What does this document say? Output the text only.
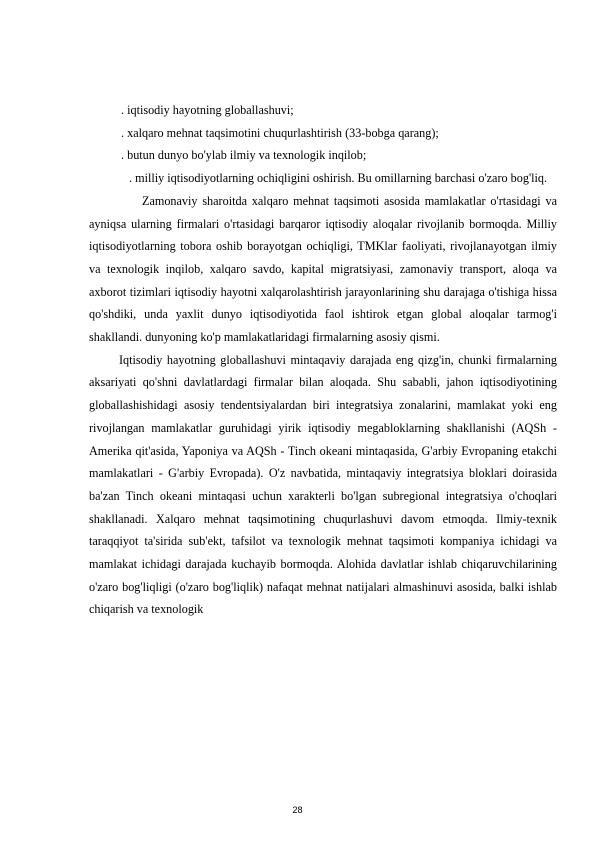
. iqtisodiy hayotning globallashuvi;

. xalqaro mehnat taqsimotini chuqurlashtirish (33-bobga qarang);

. butun dunyo bo'ylab ilmiy va texnologik inqilob;

. milliy iqtisodiyotlarning ochiqligini oshirish. Bu omillarning barchasi o'zaro bog'liq.

Zamonaviy sharoitda xalqaro mehnat taqsimoti asosida mamlakatlar o'rtasidagi va ayniqsa ularning firmalari o'rtasidagi barqaror iqtisodiy aloqalar rivojlanib bormoqda. Milliy iqtisodiyotlarning tobora oshib borayotgan ochiqligi, TMKlar faoliyati, rivojlanayotgan ilmiy va texnologik inqilob, xalqaro savdo, kapital migratsiyasi, zamonaviy transport, aloqa va axborot tizimlari iqtisodiy hayotni xalqarolashtirish jarayonlarining shu darajaga o'tishiga hissa qo'shdiki, unda yaxlit dunyo iqtisodiyotida faol ishtirok etgan global aloqalar tarmog'i shakllandi. dunyoning ko'p mamlakatlaridagi firmalarning asosiy qismi.

Iqtisodiy hayotning globallashuvi mintaqaviy darajada eng qizg'in, chunki firmalarning aksariyati qo'shni davlatlardagi firmalar bilan aloqada. Shu sababli, jahon iqtisodiyotining globallashishidagi asosiy tendentsiyalardan biri integratsiya zonalarini, mamlakat yoki eng rivojlangan mamlakatlar guruhidagi yirik iqtisodiy megabloklarning shakllanishi (AQSh - Amerika qit'asida, Yaponiya va AQSh - Tinch okeani mintaqasida, G'arbiy Evropaning etakchi mamlakatlari - G'arbiy Evropada). O'z navbatida, mintaqaviy integratsiya bloklari doirasida ba'zan Tinch okeani mintaqasi uchun xarakterli bo'lgan subregional integratsiya o'choqlari shakllanadi. Xalqaro mehnat taqsimotining chuqurlashuvi davom etmoqda. Ilmiy-texnik taraqqiyot ta'sirida sub'ekt, tafsilot va texnologik mehnat taqsimoti kompaniya ichidagi va mamlakat ichidagi darajada kuchayib bormoqda. Alohida davlatlar ishlab chiqaruvchilarining o'zaro bog'liqligi (o'zaro bog'liqlik) nafaqat mehnat natijalari almashinuvi asosida, balki ishlab chiqarish va texnologik

28
